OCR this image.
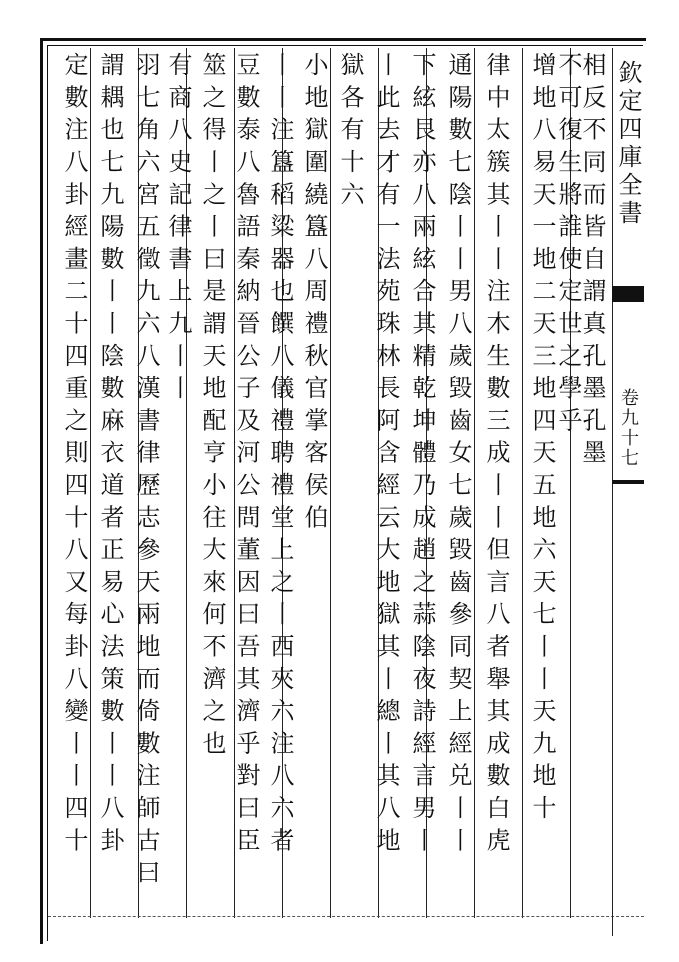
欽定四庫全書
卷九十七
相反不同而皆自謂真孔墨孔墨
不可復生將誰使定世之學乎
增地八易天一地二天三地四天五地六天七丨丨天九地十
律中太簇其丨丨注木生數三成丨丨但言八者舉其成數白虎
通陽數七陰丨丨男八歲毀齒女七歲毀齒參同契上經兑丨丨
下絃艮亦八兩絃合其精乾坤體乃成趙之蒜陰夜詩經言男丨
丨此去才有一法苑珠林長阿含經云大地獄其丨總丨其八地
獄各有十六
小地獄圍繞簋八周禮秋官掌客侯伯
丨丨注簋稻粱器也饌八儀禮聘禮堂上之丨西夾六注八六者
豆數泰八魯語秦納晉公子及河公問董因曰吾其濟乎對曰臣
筮之得丨之丨曰是謂天地配亨小往大來何不濟之也
有商八史記律書上九丨丨
羽七角六宮五徵九六八漢書律歷志參天兩地而倚數注師古曰
謂耦也七九陽數丨丨陰數麻衣道者正易心法策數丨丨八卦
定數注八卦經畫二十四重之則四十八又每卦八變丨丨四十
